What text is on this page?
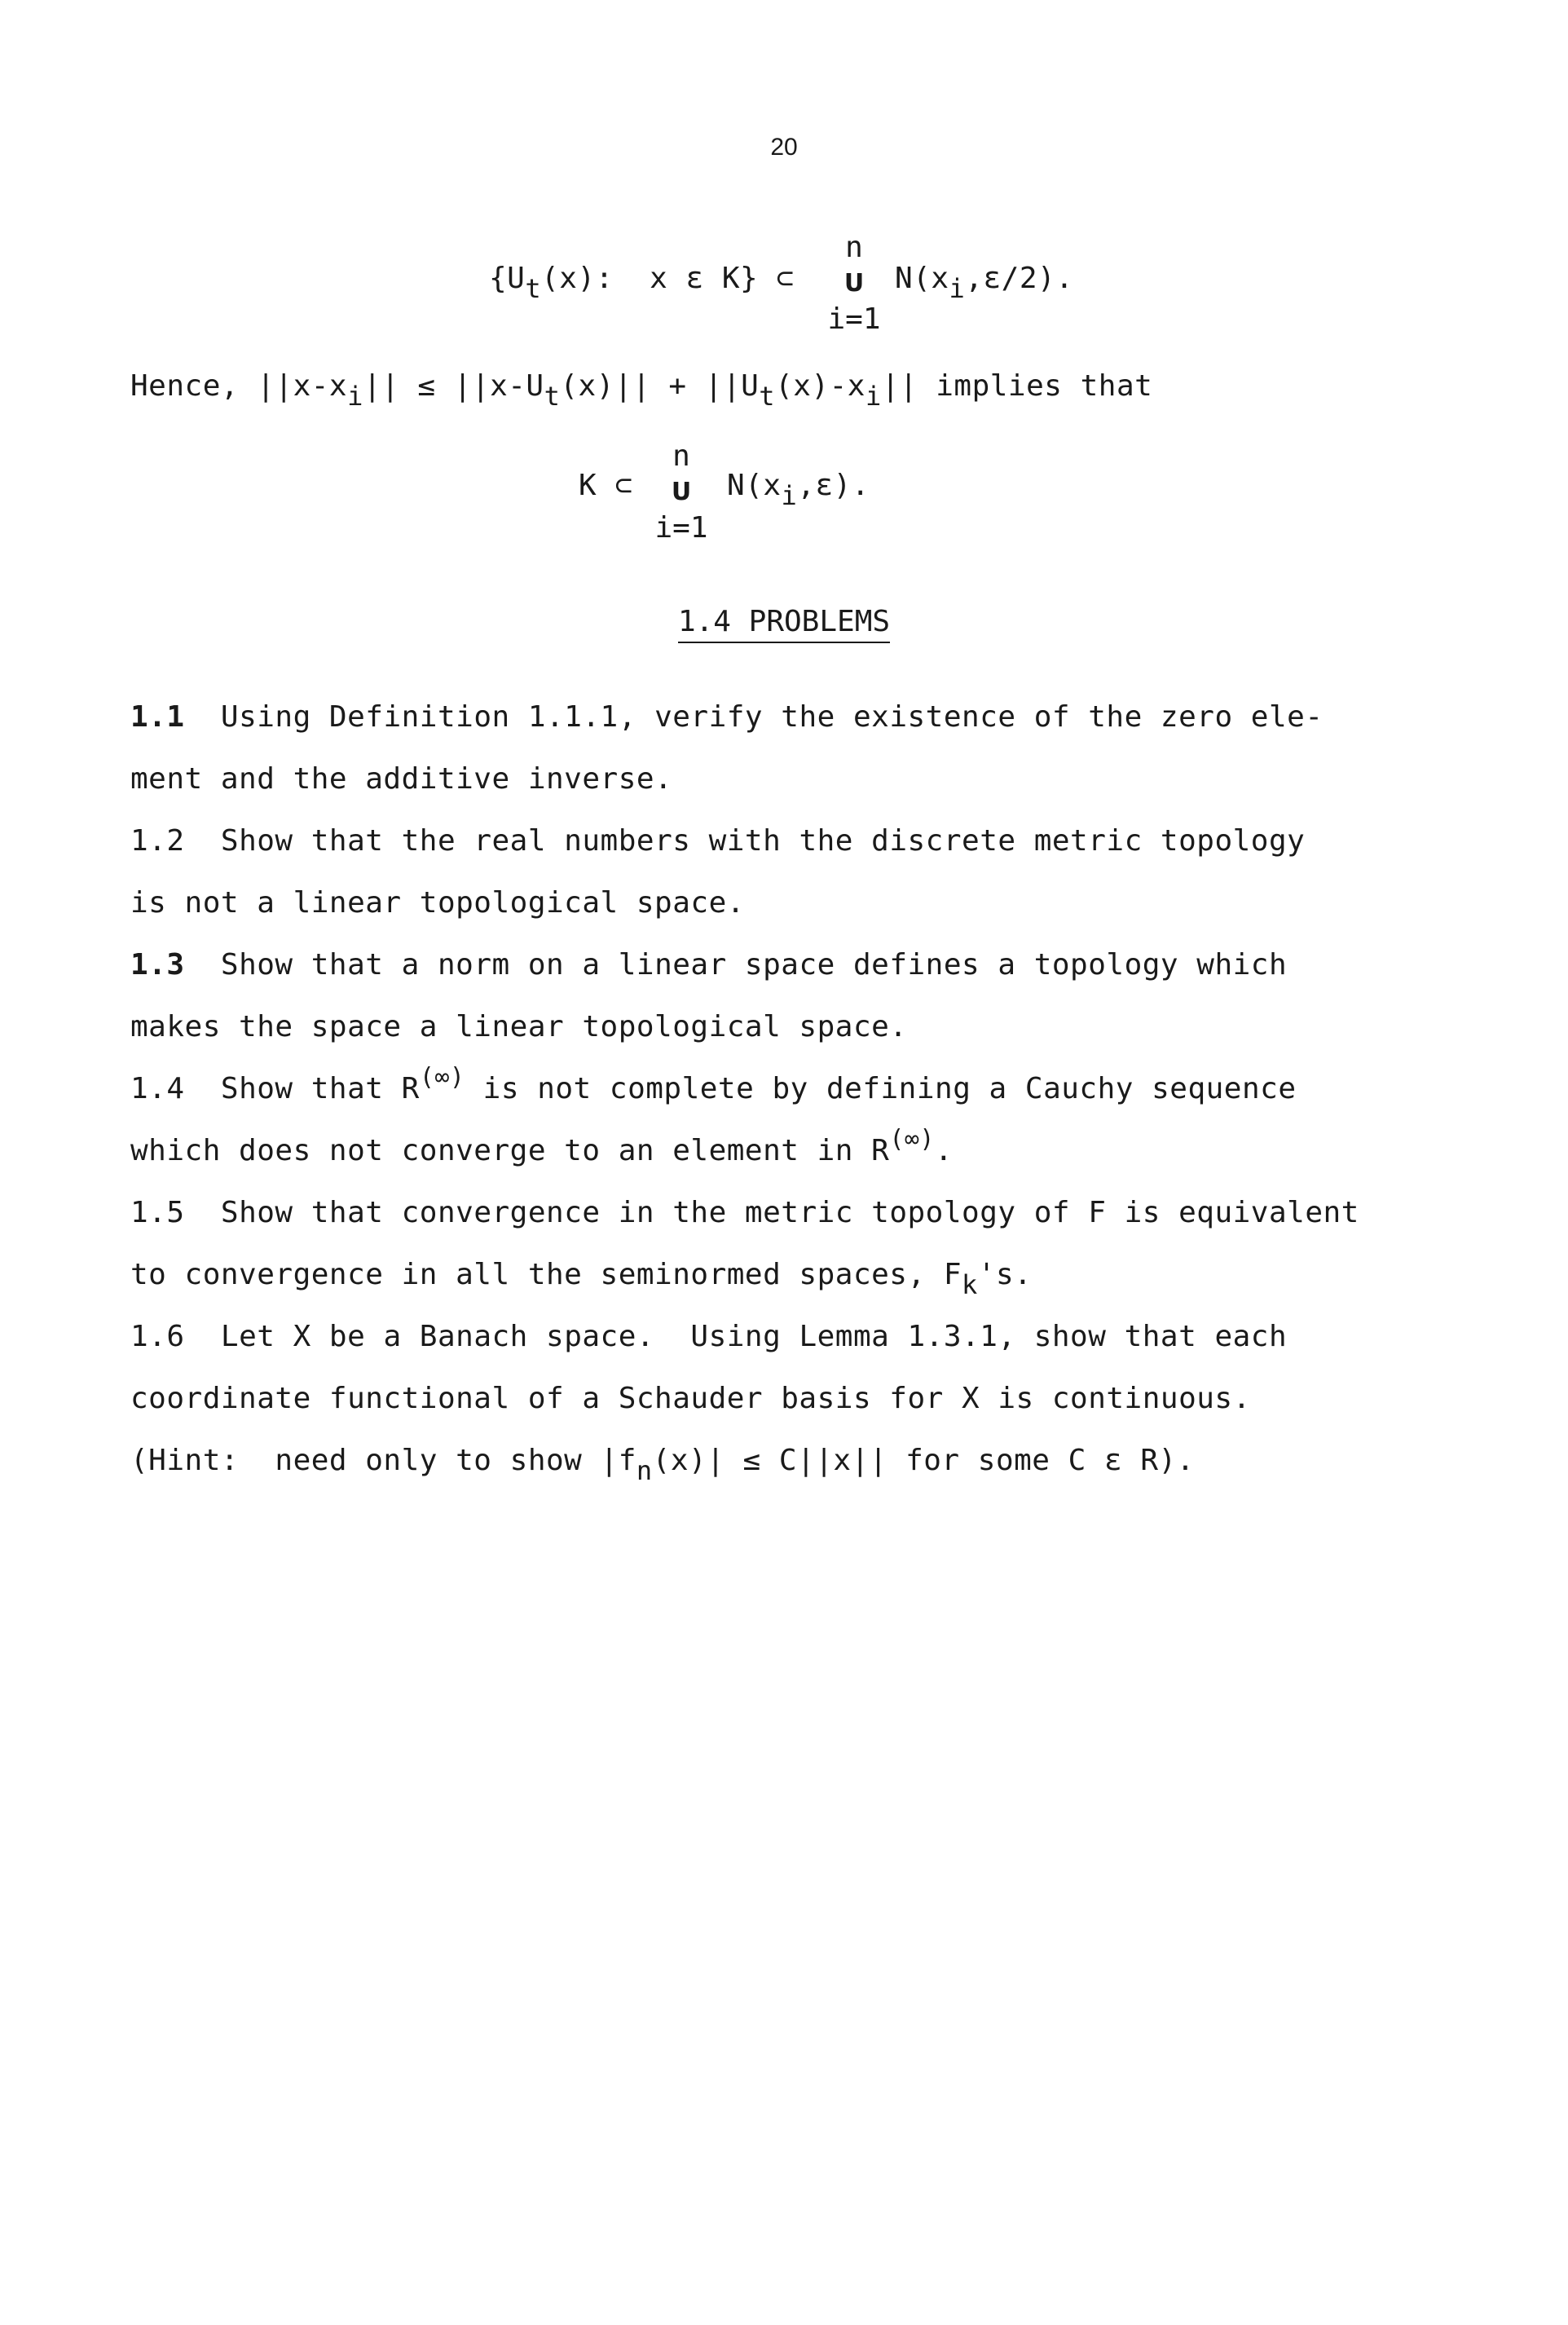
20
{Ut(x):  x ε K} ⊂
n
U
i=1
N(xi,ε/2).
Hence, ||x-xi|| ≤ ||x-Ut(x)|| + ||Ut(x)-xi|| implies that
K ⊂
n
U
i=1
N(xi,ε).
1.4 PROBLEMS
1.1 Using Definition 1.1.1, verify the existence of the zero ele-
ment and the additive inverse.
1.2 Show that the real numbers with the discrete metric topology
is not a linear topological space.
1.3 Show that a norm on a linear space defines a topology which
makes the space a linear topological space.
1.4 Show that R(∞) is not complete by defining a Cauchy sequence
which does not converge to an element in R(∞).
1.5 Show that convergence in the metric topology of F is equivalent
to convergence in all the seminormed spaces, Fk's.
1.6 Let X be a Banach space.  Using Lemma 1.3.1, show that each
coordinate functional of a Schauder basis for X is continuous.
(Hint:  need only to show |fn(x)| ≤ C||x|| for some C ε R).
